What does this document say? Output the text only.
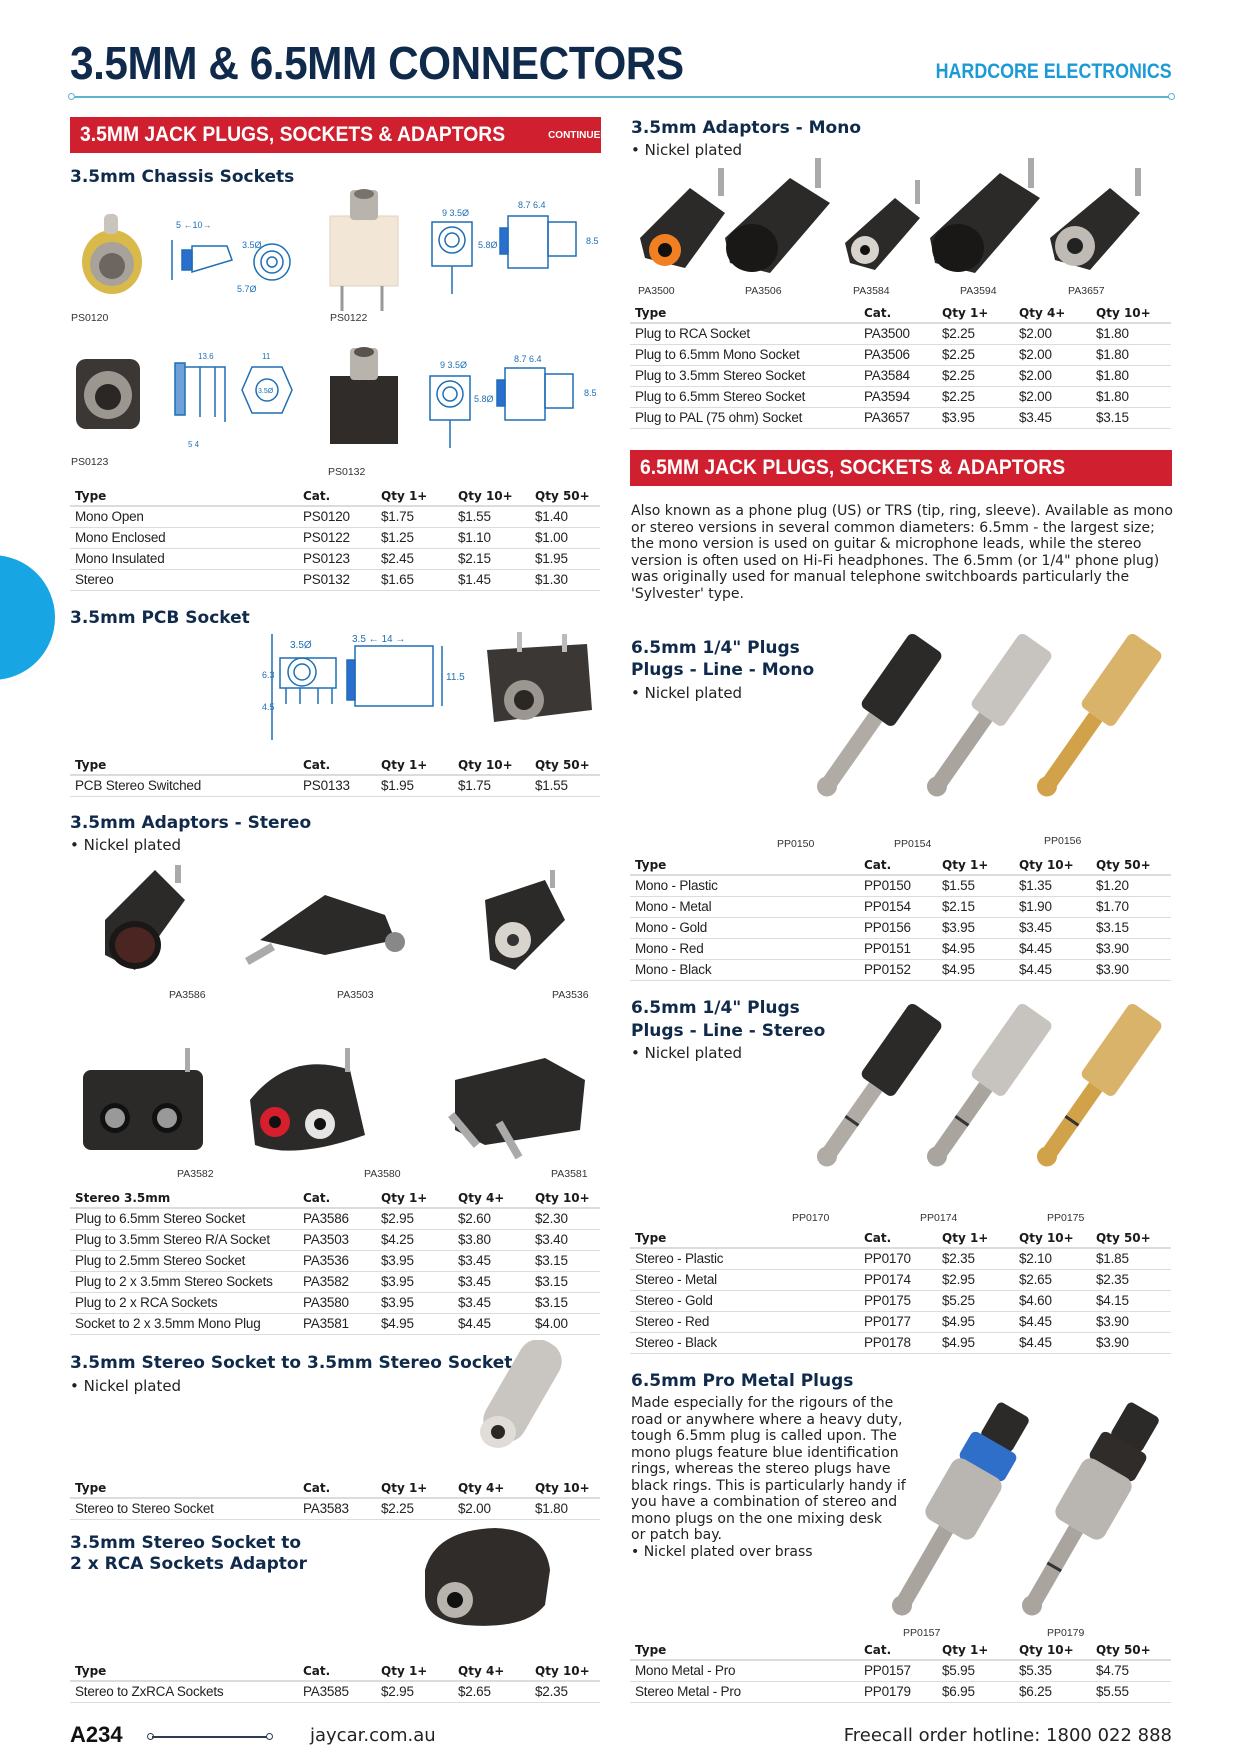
3.5MM & 6.5MM CONNECTORS	HARDCORE ELECTRONICS
3.5MM JACK PLUGS, SOCKETS & ADAPTORS	CONTINUED
3.5mm Chassis Sockets
5 ←10→
3.5Ø
5.7Ø
PS0120
9 3.5Ø
5.8Ø
8.7 6.4
8.5
PS0122
13.6	11
3.5Ø
5 4
PS0123
9 3.5Ø
5.8Ø
8.7 6.4
8.5
PS0132
Type	Cat.	Qty 1+	Qty 10+	Qty 50+
Mono Open	PS0120	$1.75	$1.55	$1.40
Mono Enclosed	PS0122	$1.25	$1.10	$1.00
Mono Insulated	PS0123	$2.45	$2.15	$1.95
Stereo	PS0132	$1.65	$1.45	$1.30
3.5mm PCB Socket
3.5Ø
3.5 ← 14 →
11.5
6.3
4.5
Type	Cat.	Qty 1+	Qty 10+	Qty 50+
PCB Stereo Switched	PS0133	$1.95	$1.75	$1.55
3.5mm Adaptors - Stereo
• Nickel plated
PA3586	PA3503	PA3536
PA3582	PA3580	PA3581
Stereo 3.5mm	Cat.	Qty 1+	Qty 4+	Qty 10+
Plug to 6.5mm Stereo Socket	PA3586	$2.95	$2.60	$2.30
Plug to 3.5mm Stereo R/A Socket	PA3503	$4.25	$3.80	$3.40
Plug to 2.5mm Stereo Socket	PA3536	$3.95	$3.45	$3.15
Plug to 2 x 3.5mm Stereo Sockets	PA3582	$3.95	$3.45	$3.15
Plug to 2 x RCA Sockets	PA3580	$3.95	$3.45	$3.15
Socket to 2 x 3.5mm Mono Plug	PA3581	$4.95	$4.45	$4.00
3.5mm Stereo Socket to 3.5mm Stereo Socket
• Nickel plated
Type	Cat.	Qty 1+	Qty 4+	Qty 10+
Stereo to Stereo Socket	PA3583	$2.25	$2.00	$1.80
3.5mm Stereo Socket to
2 x RCA Sockets Adaptor
Type	Cat.	Qty 1+	Qty 4+	Qty 10+
Stereo to ZxRCA Sockets	PA3585	$2.95	$2.65	$2.35
3.5mm Adaptors - Mono
• Nickel plated
PA3500	PA3506	PA3584	PA3594	PA3657
Type	Cat.	Qty 1+	Qty 4+	Qty 10+
Plug to RCA Socket	PA3500	$2.25	$2.00	$1.80
Plug to 6.5mm Mono Socket	PA3506	$2.25	$2.00	$1.80
Plug to 3.5mm Stereo Socket	PA3584	$2.25	$2.00	$1.80
Plug to 6.5mm Stereo Socket	PA3594	$2.25	$2.00	$1.80
Plug to PAL (75 ohm) Socket	PA3657	$3.95	$3.45	$3.15
6.5MM JACK PLUGS, SOCKETS & ADAPTORS
Also known as a phone plug (US) or TRS (tip, ring, sleeve). Available as mono or stereo versions in several common diameters: 6.5mm - the largest size; the mono version is used on guitar & microphone leads, while the stereo version is often used on Hi-Fi headphones. The 6.5mm (or 1/4" phone plug) was originally used for manual telephone switchboards particularly the 'Sylvester' type.
6.5mm 1/4" Plugs
Plugs - Line - Mono
• Nickel plated
PP0150	PP0154	PP0156
Type	Cat.	Qty 1+	Qty 10+	Qty 50+
Mono - Plastic	PP0150	$1.55	$1.35	$1.20
Mono - Metal	PP0154	$2.15	$1.90	$1.70
Mono - Gold	PP0156	$3.95	$3.45	$3.15
Mono - Red	PP0151	$4.95	$4.45	$3.90
Mono - Black	PP0152	$4.95	$4.45	$3.90
6.5mm 1/4" Plugs
Plugs - Line - Stereo
• Nickel plated
PP0170	PP0174	PP0175
Type	Cat.	Qty 1+	Qty 10+	Qty 50+
Stereo - Plastic	PP0170	$2.35	$2.10	$1.85
Stereo - Metal	PP0174	$2.95	$2.65	$2.35
Stereo - Gold	PP0175	$5.25	$4.60	$4.15
Stereo - Red	PP0177	$4.95	$4.45	$3.90
Stereo - Black	PP0178	$4.95	$4.45	$3.90
6.5mm Pro Metal Plugs
Made especially for the rigours of the
road or anywhere where a heavy duty,
tough 6.5mm plug is called upon. The
mono plugs feature blue identification
rings, whereas the stereo plugs have
black rings. This is particularly handy if
you have a combination of stereo and
mono plugs on the one mixing desk
or patch bay.
• Nickel plated over brass
PP0157	PP0179
Type	Cat.	Qty 1+	Qty 10+	Qty 50+
Mono Metal - Pro	PP0157	$5.95	$5.35	$4.75
Stereo Metal - Pro	PP0179	$6.95	$6.25	$5.55
A234	jaycar.com.au	Freecall order hotline: 1800 022 888
